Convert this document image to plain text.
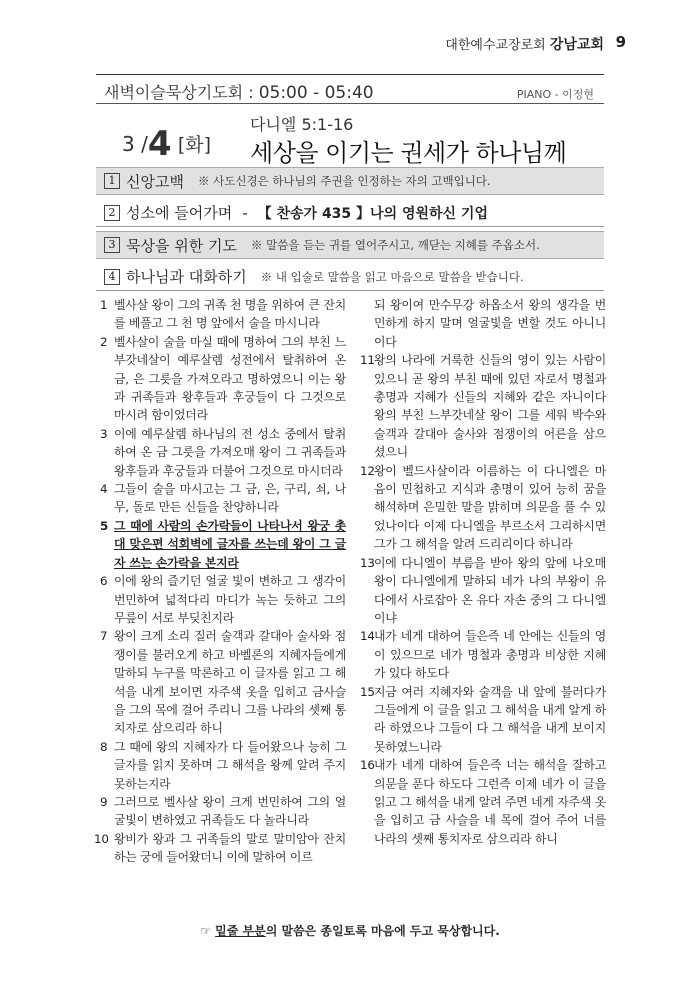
대한예수교장로회 강남교회 9
새벽이슬묵상기도회 : 05:00 - 05:40	PIANO - 이정현
3 /4 [화]
다니엘 5:1-16
세상을 이기는 권세가 하나님께
1 신앙고백 ※ 사도신경은 하나님의 주권을 인정하는 자의 고백입니다.
2 성소에 들어가며 - 【 찬송가 435 】나의 영원하신 기업
3 묵상을 위한 기도 ※ 말씀을 듣는 귀를 열어주시고, 깨닫는 지혜를 주옵소서.
4 하나님과 대화하기 ※ 내 입술로 말씀을 읽고 마음으로 말씀을 받습니다.
1 벨사살 왕이 그의 귀족 천 명을 위하여 큰 잔치를 베풀고 그 천 명 앞에서 술을 마시니라
2 벨사살이 술을 마실 때에 명하여 그의 부친 느부갓네살이 예루살렘 성전에서 탈취하여 온 금, 은 그릇을 가져오라고 명하였으니 이는 왕과 귀족들과 왕후들과 후궁들이 다 그것으로 마시려 함이었더라
3 이에 예루살렘 하나님의 전 성소 중에서 탈취하여 온 금 그릇을 가져오매 왕이 그 귀족들과 왕후들과 후궁들과 더불어 그것으로 마시더라
4 그들이 술을 마시고는 그 금, 은, 구리, 쇠, 나무, 돌로 만든 신들을 찬양하니라
5 그 때에 사람의 손가락들이 나타나서 왕궁 촛대 맞은편 석회벽에 글자를 쓰는데 왕이 그 글자 쓰는 손가락을 본지라
6 이에 왕의 즐기던 얼굴 빛이 변하고 그 생각이 번민하여 넓적다리 마디가 녹는 듯하고 그의 무릎이 서로 부딪친지라
7 왕이 크게 소리 질러 술객과 갈대아 술사와 점쟁이를 불러오게 하고 바벨론의 지혜자들에게 말하되 누구를 막론하고 이 글자를 읽고 그 해석을 내게 보이면 자주색 옷을 입히고 금사슬을 그의 목에 걸어 주리니 그를 나라의 셋째 통치자로 삼으리라 하니
8 그 때에 왕의 지혜자가 다 들어왔으나 능히 그 글자를 읽지 못하며 그 해석을 왕께 알려 주지 못하는지라
9 그러므로 벨사살 왕이 크게 번민하여 그의 얼굴빛이 변하였고 귀족들도 다 놀라니라
10 왕비가 왕과 그 귀족들의 말로 말미암아 잔치하는 궁에 들어왔더니 이에 말하여 이르
되 왕이여 만수무강 하옵소서 왕의 생각을 번민하게 하지 말며 얼굴빛을 변할 것도 아니니이다
11 왕의 나라에 거룩한 신들의 영이 있는 사람이 있으니 곧 왕의 부친 때에 있던 자로서 명철과 총명과 지혜가 신들의 지혜와 같은 자니이다 왕의 부친 느부갓네살 왕이 그를 세워 박수와 술객과 갈대아 술사와 점쟁이의 어른을 삼으셨으니
12 왕이 벨드사살이라 이름하는 이 다니엘은 마음이 민첩하고 지식과 총명이 있어 능히 꿈을 해석하며 은밀한 말을 밝히며 의문을 풀 수 있었나이다 이제 다니엘을 부르소서 그리하시면 그가 그 해석을 알려 드리리이다 하니라
13 이에 다니엘이 부름을 받아 왕의 앞에 나오매 왕이 다니엘에게 말하되 네가 나의 부왕이 유다에서 사로잡아 온 유다 자손 중의 그 다니엘이냐
14 내가 네게 대하여 들은즉 네 안에는 신들의 영이 있으므로 네가 명철과 총명과 비상한 지혜가 있다 하도다
15 지금 여러 지혜자와 술객을 내 앞에 불러다가 그들에게 이 글을 읽고 그 해석을 내게 알게 하라 하였으나 그들이 다 그 해석을 내게 보이지 못하였느니라
16 내가 네게 대하여 들은즉 너는 해석을 잘하고 의문을 푼다 하도다 그런즉 이제 네가 이 글을 읽고 그 해석을 내게 알려 주면 네게 자주색 옷을 입히고 금 사슬을 네 목에 걸어 주어 너를 나라의 셋째 통치자로 삼으리라 하니
☞ 밑줄 부분의 말씀은 종일토록 마음에 두고 묵상합니다.
